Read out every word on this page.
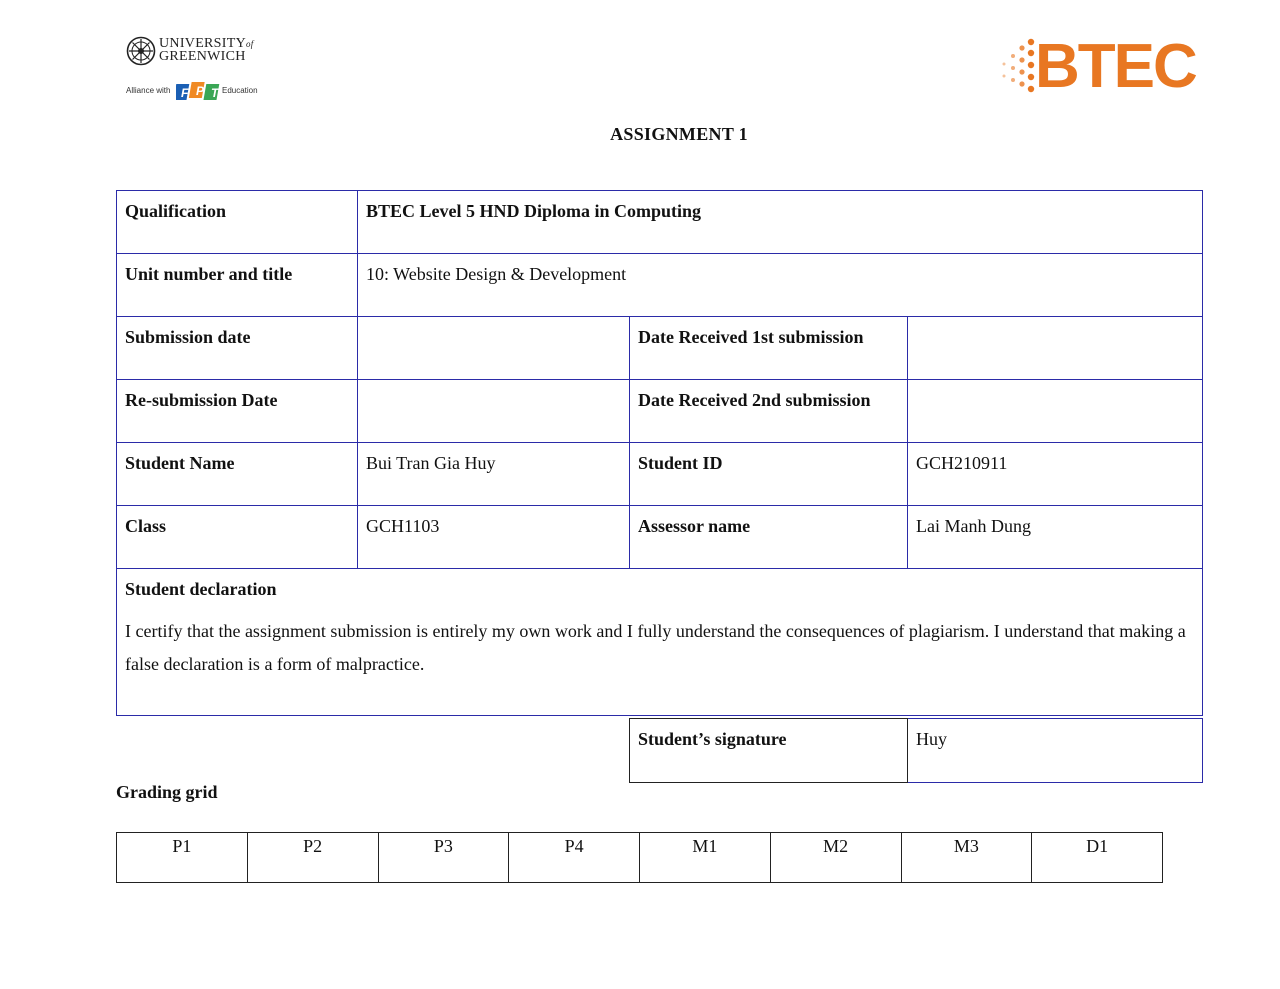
UNIVERSITYof
GREENWICH
Alliance with F P T Education	BTEC
ASSIGNMENT 1
Qualification	BTEC Level 5 HND Diploma in Computing		
Unit number and title	10: Website Design & Development		
Submission date		Date Received 1st submission	
Re-submission Date		Date Received 2nd submission	
Student Name	Bui Tran Gia Huy	Student ID	GCH210911
Class	GCH1103	Assessor name	Lai Manh Dung

Student declaration
I certify that the assignment submission is entirely my own work and I fully understand the consequences of plagiarism. I understand that making a false declaration is a form of malpractice.			
Student’s signature	Huy
Grading grid
P1	P2	P3	P4	M1	M2	M3	D1
